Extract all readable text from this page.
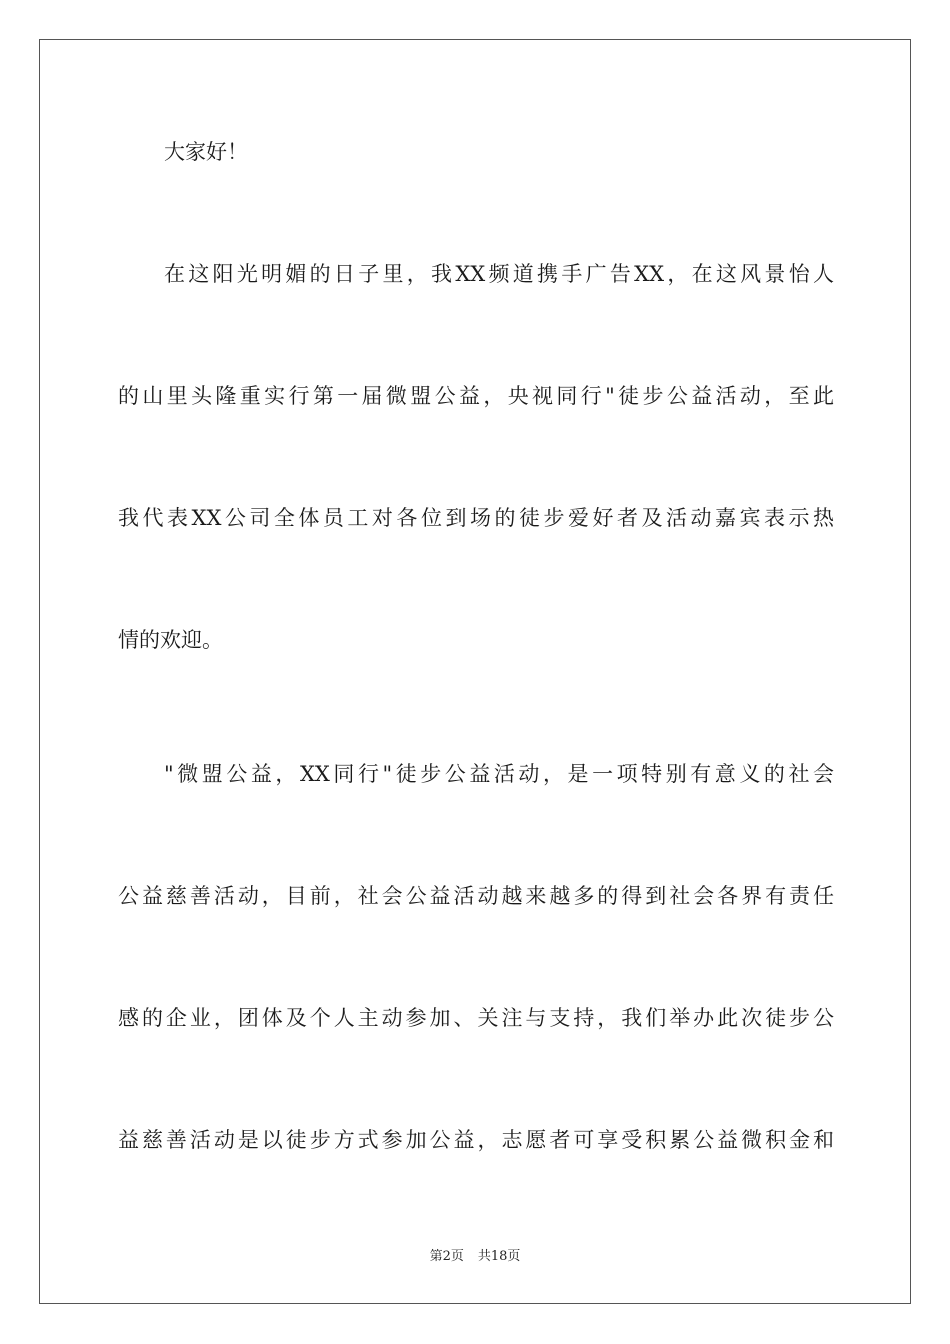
大家好！
在这阳光明媚的日子里，我XX频道携手广告XX，在这风景怡人
的山里头隆重实行第一届微盟公益，央视同行"徒步公益活动，至此
我代表XX公司全体员工对各位到场的徒步爱好者及活动嘉宾表示热
情的欢迎。
"微盟公益，XX同行"徒步公益活动，是一项特别有意义的社会
公益慈善活动，目前，社会公益活动越来越多的得到社会各界有责任
感的企业，团体及个人主动参加、关注与支持，我们举办此次徒步公
益慈善活动是以徒步方式参加公益，志愿者可享受积累公益微积金和
第2页 共18页
